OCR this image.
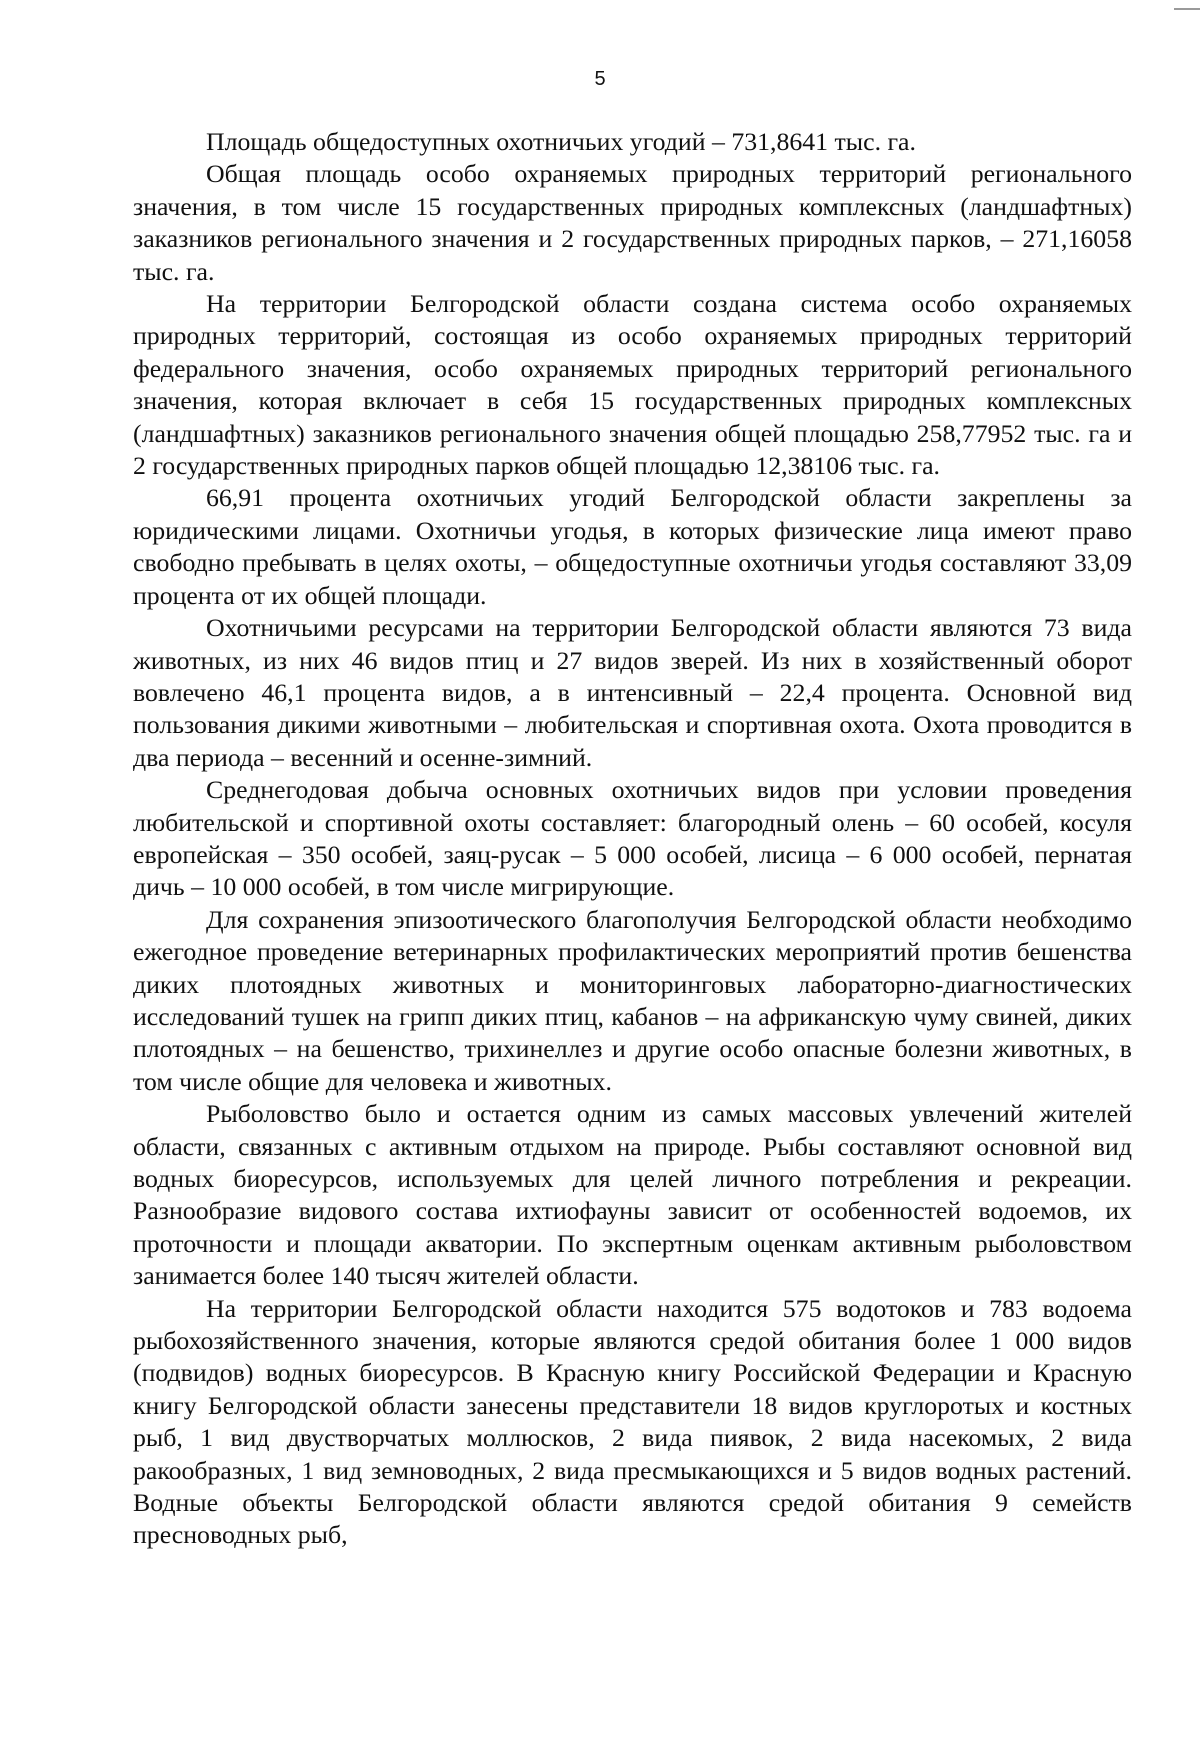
5

Площадь общедоступных охотничьих угодий – 731,8641 тыс. га.

Общая площадь особо охраняемых природных территорий регионального значения, в том числе 15 государственных природных комплексных (ландшафтных) заказников регионального значения и 2 государственных природных парков, – 271,16058 тыс. га.

На территории Белгородской области создана система особо охраняемых природных территорий, состоящая из особо охраняемых природных территорий федерального значения, особо охраняемых природных территорий регионального значения, которая включает в себя 15 государственных природных комплексных (ландшафтных) заказников регионального значения общей площадью 258,77952 тыс. га и 2 государственных природных парков общей площадью 12,38106 тыс. га.

66,91 процента охотничьих угодий Белгородской области закреплены за юридическими лицами. Охотничьи угодья, в которых физические лица имеют право свободно пребывать в целях охоты, – общедоступные охотничьи угодья составляют 33,09 процента от их общей площади.

Охотничьими ресурсами на территории Белгородской области являются 73 вида животных, из них 46 видов птиц и 27 видов зверей. Из них в хозяйственный оборот вовлечено 46,1 процента видов, а в интенсивный – 22,4 процента. Основной вид пользования дикими животными – любительская и спортивная охота. Охота проводится в два периода – весенний и осенне-зимний.

Среднегодовая добыча основных охотничьих видов при условии проведения любительской и спортивной охоты составляет: благородный олень – 60 особей, косуля европейская – 350 особей, заяц-русак – 5 000 особей, лисица – 6 000 особей, пернатая дичь – 10 000 особей, в том числе мигрирующие.

Для сохранения эпизоотического благополучия Белгородской области необходимо ежегодное проведение ветеринарных профилактических мероприятий против бешенства диких плотоядных животных и мониторинговых лабораторно-диагностических исследований тушек на грипп диких птиц, кабанов – на африканскую чуму свиней, диких плотоядных – на бешенство, трихинеллез и другие особо опасные болезни животных, в том числе общие для человека и животных.

Рыболовство было и остается одним из самых массовых увлечений жителей области, связанных с активным отдыхом на природе. Рыбы составляют основной вид водных биоресурсов, используемых для целей личного потребления и рекреации. Разнообразие видового состава ихтиофауны зависит от особенностей водоемов, их проточности и площади акватории. По экспертным оценкам активным рыболовством занимается более 140 тысяч жителей области.

На территории Белгородской области находится 575 водотоков и 783 водоема рыбохозяйственного значения, которые являются средой обитания более 1 000 видов (подвидов) водных биоресурсов. В Красную книгу Российской Федерации и Красную книгу Белгородской области занесены представители 18 видов круглоротых и костных рыб, 1 вид двустворчатых моллюсков, 2 вида пиявок, 2 вида насекомых, 2 вида ракообразных, 1 вид земноводных, 2 вида пресмыкающихся и 5 видов водных растений. Водные объекты Белгородской области являются средой обитания 9 семейств пресноводных рыб,
